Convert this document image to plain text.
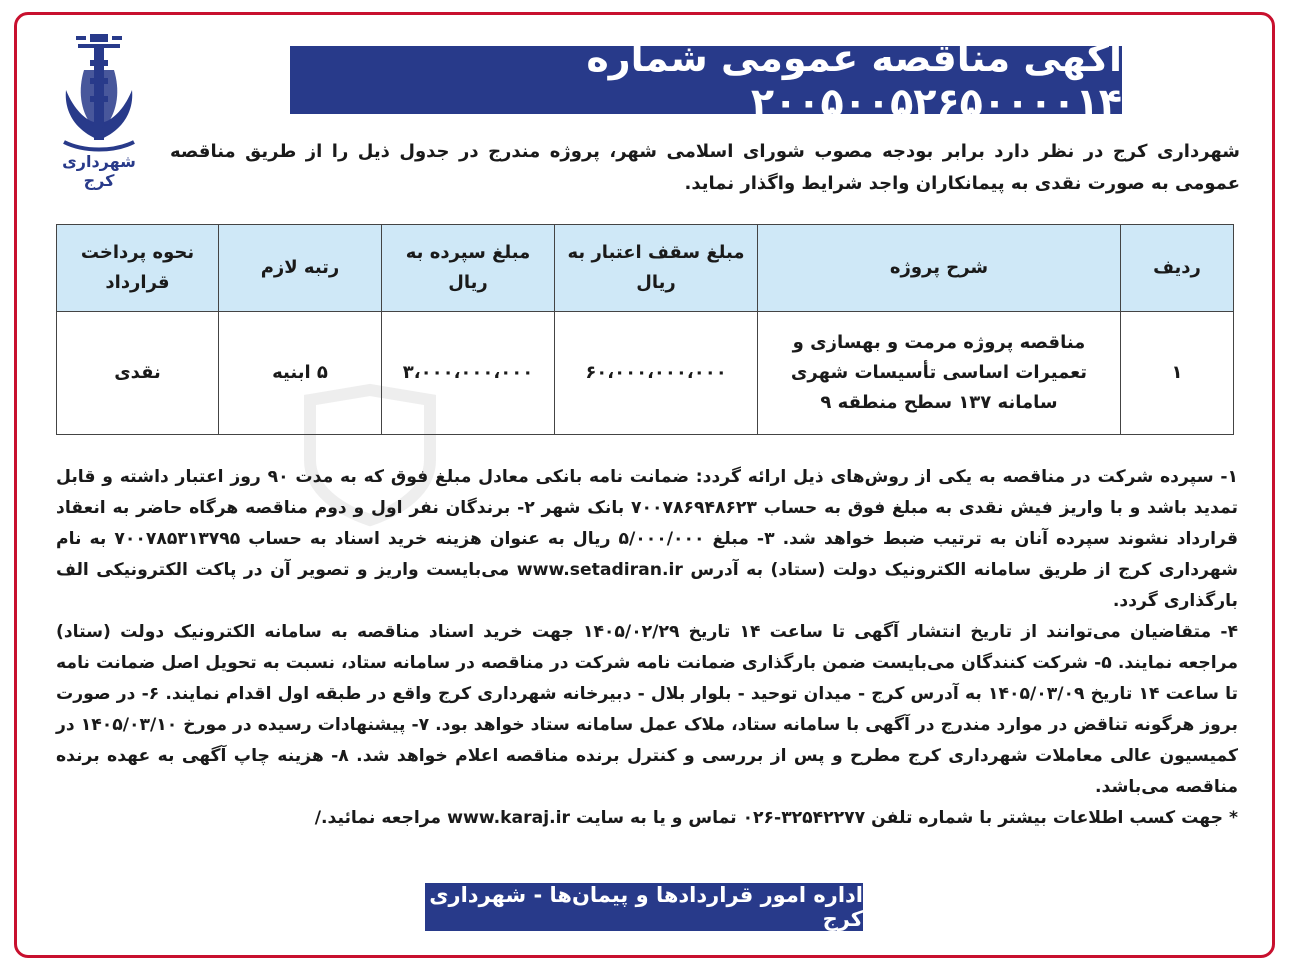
شهرداری کرج
آگهی مناقصه عمومی شماره ۲۰۰۵۰۰۵۲۶۵۰۰۰۰۱۴
شهرداری کرج در نظر دارد برابر بودجه مصوب شورای اسلامی شهر، پروژه مندرج در جدول ذیل را از طریق مناقصه عمومی به صورت نقدی به پیمانکاران واجد شرایط واگذار نماید.
ردیف	شرح پروژه	مبلغ سقف اعتبار به ریال	مبلغ سپرده به ریال	رتبه لازم	نحوه پرداخت قرارداد
۱	مناقصه پروژه مرمت و بهسازی و تعمیرات اساسی تأسیسات شهری سامانه ۱۳۷ سطح منطقه ۹	۶۰،۰۰۰،۰۰۰،۰۰۰	۳،۰۰۰،۰۰۰،۰۰۰	۵ ابنیه	نقدی

۱- سپرده شرکت در مناقصه به یکی از روش‌های ذیل ارائه گردد: ضمانت نامه بانکی معادل مبلغ فوق که به مدت ۹۰ روز اعتبار داشته و قابل تمدید باشد و با واریز فیش نقدی به مبلغ فوق به حساب ۷۰۰۷۸۶۹۴۸۶۲۳ بانک شهر ۲- برندگان نفر اول و دوم مناقصه هرگاه حاضر به انعقاد قرارداد نشوند سپرده آنان به ترتیب ضبط خواهد شد. ۳- مبلغ ۵/۰۰۰/۰۰۰ ریال به عنوان هزینه خرید اسناد به حساب ۷۰۰۷۸۵۳۱۳۷۹۵ به نام شهرداری کرج از طریق سامانه الکترونیک دولت (ستاد) به آدرس www.setadiran.ir می‌بایست واریز و تصویر آن در پاکت الکترونیکی الف بارگذاری گردد.

۴- متقاضیان می‌توانند از تاریخ انتشار آگهی تا ساعت ۱۴ تاریخ ۱۴۰۵/۰۲/۲۹ جهت خرید اسناد مناقصه به سامانه الکترونیک دولت (ستاد) مراجعه نمایند. ۵- شرکت کنندگان می‌بایست ضمن بارگذاری ضمانت نامه شرکت در مناقصه در سامانه ستاد، نسبت به تحویل اصل ضمانت نامه تا ساعت ۱۴ تاریخ ۱۴۰۵/۰۳/۰۹ به آدرس کرج - میدان توحید - بلوار بلال - دبیرخانه شهرداری کرج واقع در طبقه اول اقدام نمایند. ۶- در صورت بروز هرگونه تناقض در موارد مندرج در آگهی با سامانه ستاد، ملاک عمل سامانه ستاد خواهد بود. ۷- پیشنهادات رسیده در مورخ ۱۴۰۵/۰۳/۱۰ در کمیسیون عالی معاملات شهرداری کرج مطرح و پس از بررسی و کنترل برنده مناقصه اعلام خواهد شد. ۸- هزینه چاپ آگهی به عهده برنده مناقصه می‌باشد.

* جهت کسب اطلاعات بیشتر با شماره تلفن ۳۲۵۴۲۲۷۷-۰۲۶ تماس و یا به سایت www.karaj.ir مراجعه نمائید./

اداره امور قراردادها و پیمان‌ها - شهرداری کرج
